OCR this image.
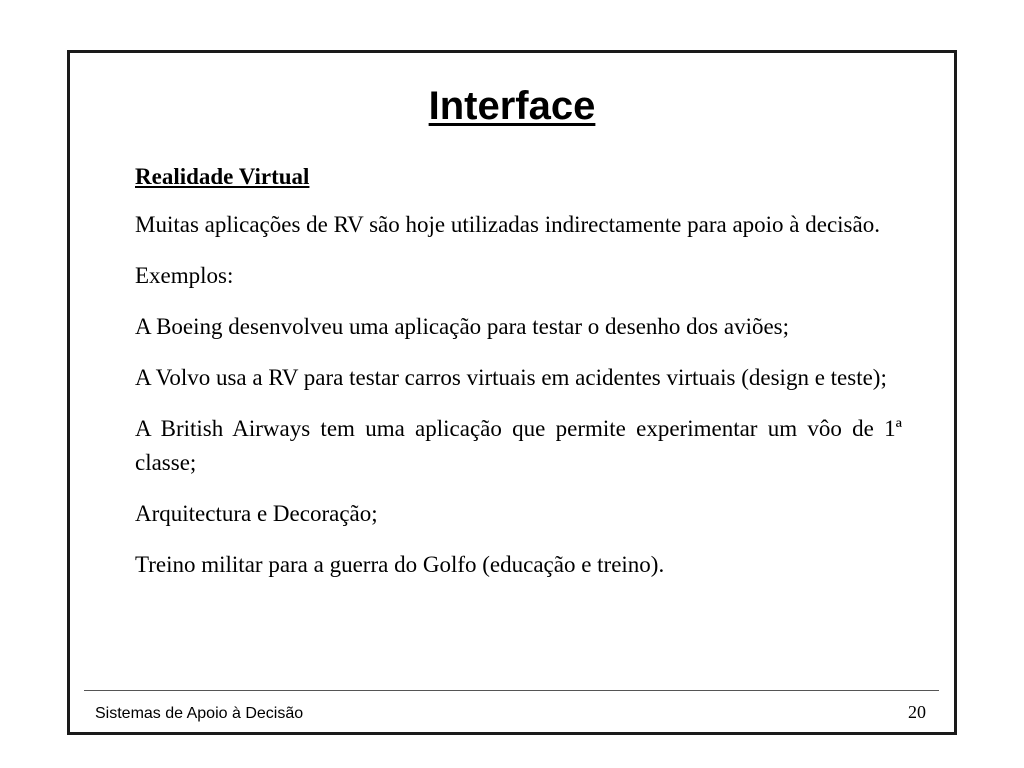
Interface
Realidade Virtual
Muitas aplicações de RV são hoje utilizadas indirectamente para apoio à decisão.
Exemplos:
A Boeing desenvolveu uma aplicação para testar o desenho dos aviões;
A Volvo usa a RV para testar carros virtuais em acidentes virtuais (design e teste);
A British Airways tem uma aplicação que permite experimentar um vôo de 1ª classe;
Arquitectura e Decoração;
Treino militar para a guerra do Golfo (educação e treino).
Sistemas de Apoio à Decisão	20
